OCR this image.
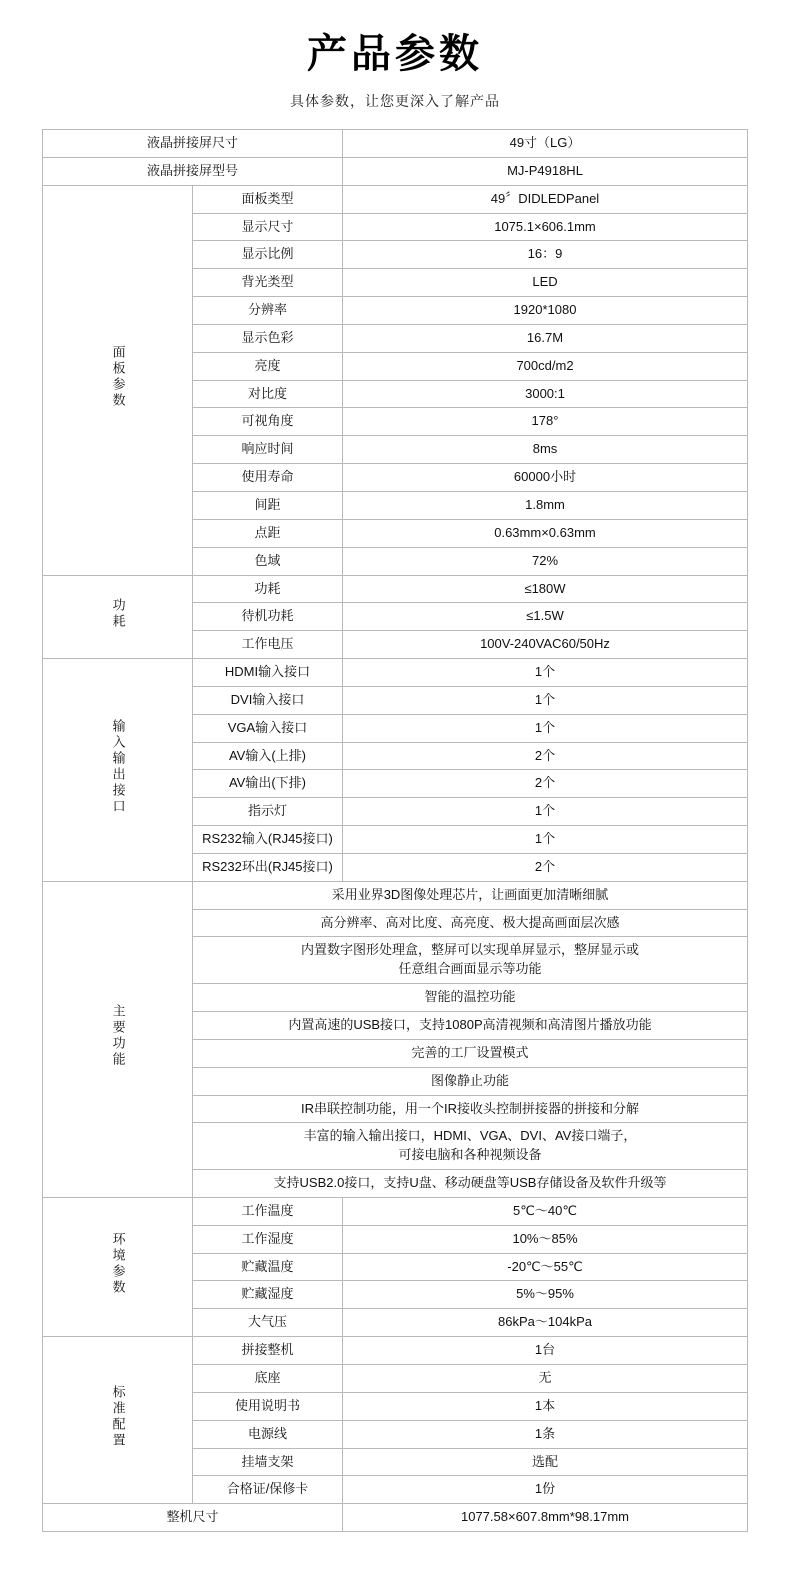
产品参数
具体参数，让您更深入了解产品
液晶拼接屏尺寸		49寸（LG）
液晶拼接屏型号		MJ-P4918HL
面板参数	面板类型	49〞DIDLEDPanel
	显示尺寸	1075.1×606.1mm
	显示比例	16：9
	背光类型	LED
	分辨率	1920*1080
	显示色彩	16.7M
	亮度	700cd/m2
	对比度	3000:1
	可视角度	178°
	响应时间	8ms
	使用寿命	60000小时
	间距	1.8mm
	点距	0.63mm×0.63mm
	色域	72%
功耗	功耗	≤180W
	待机功耗	≤1.5W
	工作电压	100V-240VAC60/50Hz
输入输出接口	HDMI输入接口	1个
	DVI输入接口	1个
	VGA输入接口	1个
	AV输入(上排)	2个
	AV输出(下排)	2个
	指示灯	1个
	RS232输入(RJ45接口)	1个
	RS232环出(RJ45接口)	2个
主要功能	采用业界3D图像处理芯片，让画面更加清晰细腻	
	高分辨率、高对比度、高亮度、极大提高画面层次感	
	内置数字图形处理盒，整屏可以实现单屏显示，整屏显示或
任意组合画面显示等功能	
	智能的温控功能	
	内置高速的USB接口，支持1080P高清视频和高清图片播放功能	
	完善的工厂设置模式	
	图像静止功能	
	IR串联控制功能，用一个IR接收头控制拼接器的拼接和分解	
	丰富的输入输出接口，HDMI、VGA、DVI、AV接口端子，
可接电脑和各种视频设备	
	支持USB2.0接口，支持U盘、移动硬盘等USB存储设备及软件升级等	
环境参数	工作温度	5℃～40℃
	工作湿度	10%～85%
	贮藏温度	-20℃～55℃
	贮藏湿度	5%～95%
	大气压	86kPa～104kPa
标准配置	拼接整机	1台
	底座	无
	使用说明书	1本
	电源线	1条
	挂墙支架	选配
	合格证/保修卡	1份
整机尺寸		1077.58×607.8mm*98.17mm
